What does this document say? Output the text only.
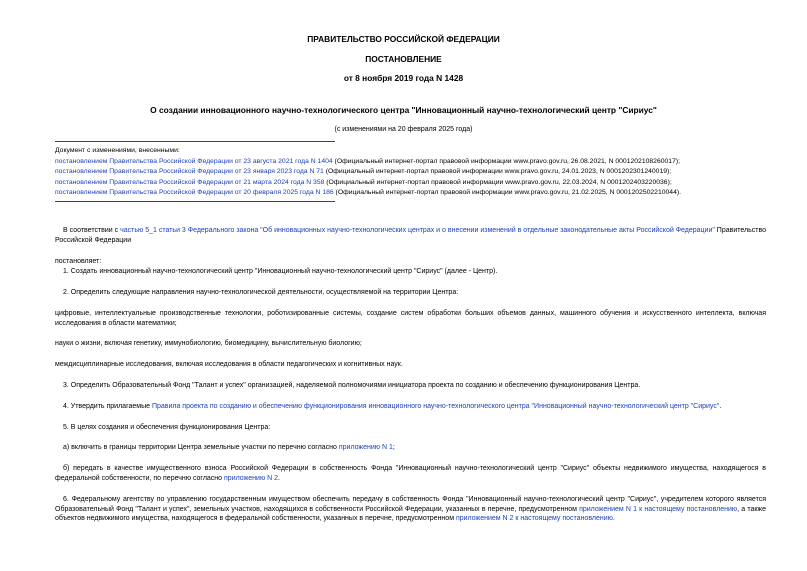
ПРАВИТЕЛЬСТВО РОССИЙСКОЙ ФЕДЕРАЦИИ
ПОСТАНОВЛЕНИЕ
от 8 ноября 2019 года N 1428
О создании инновационного научно-технологического центра "Инновационный научно-технологический центр "Сириус"
(с изменениями на 20 февраля 2025 года)
Документ с изменениями, внесенными:
постановлением Правительства Российской Федерации от 23 августа 2021 года N 1404 (Официальный интернет-портал правовой информации www.pravo.gov.ru, 26.08.2021, N 0001202108260017);
постановлением Правительства Российской Федерации от 23 января 2023 года N 71 (Официальный интернет-портал правовой информации www.pravo.gov.ru, 24.01.2023, N 0001202301240019);
постановлением Правительства Российской Федерации от 21 марта 2024 года N 358 (Официальный интернет-портал правовой информации www.pravo.gov.ru, 22.03.2024, N 0001202403220036);
постановлением Правительства Российской Федерации от 20 февраля 2025 года N 186 (Официальный интернет-портал правовой информации www.pravo.gov.ru, 21.02.2025, N 0001202502210044).

В соответствии с частью 5_1 статьи 3 Федерального закона "Об инновационных научно-технологических центрах и о внесении изменений в отдельные законодательные акты Российской Федерации" Правительство Российской Федерации

постановляет:

1. Создать инновационный научно-технологический центр "Инновационный научно-технологический центр "Сириус" (далее - Центр).

2. Определить следующие направления научно-технологической деятельности, осуществляемой на территории Центра:

цифровые, интеллектуальные производственные технологии, роботизированные системы, создание систем обработки больших объемов данных, машинного обучения и искусственного интеллекта, включая исследования в области математики;

науки о жизни, включая генетику, иммунобиологию, биомедицину, вычислительную биологию;

междисциплинарные исследования, включая исследования в области педагогических и когнитивных наук.

3. Определить Образовательный Фонд "Талант и успех" организацией, наделяемой полномочиями инициатора проекта по созданию и обеспечению функционирования Центра.

4. Утвердить прилагаемые Правила проекта по созданию и обеспечению функционирования инновационного научно-технологического центра "Инновационный научно-технологический центр "Сириус".

5. В целях создания и обеспечения функционирования Центра:

а) включить в границы территории Центра земельные участки по перечню согласно приложению N 1;

б) передать в качестве имущественного взноса Российской Федерации в собственность Фонда "Инновационный научно-технологический центр "Сириус" объекты недвижимого имущества, находящегося в федеральной собственности, по перечню согласно приложению N 2.

6. Федеральному агентству по управлению государственным имуществом обеспечить передачу в собственность Фонда "Инновационный научно-технологический центр "Сириус", учредителем которого является Образовательный Фонд "Талант и успех", земельных участков, находящихся в собственности Российской Федерации, указанных в перечне, предусмотренном приложением N 1 к настоящему постановлению, а также объектов недвижимого имущества, находящегося в федеральной собственности, указанных в перечне, предусмотренном приложением N 2 к настоящему постановлению.
